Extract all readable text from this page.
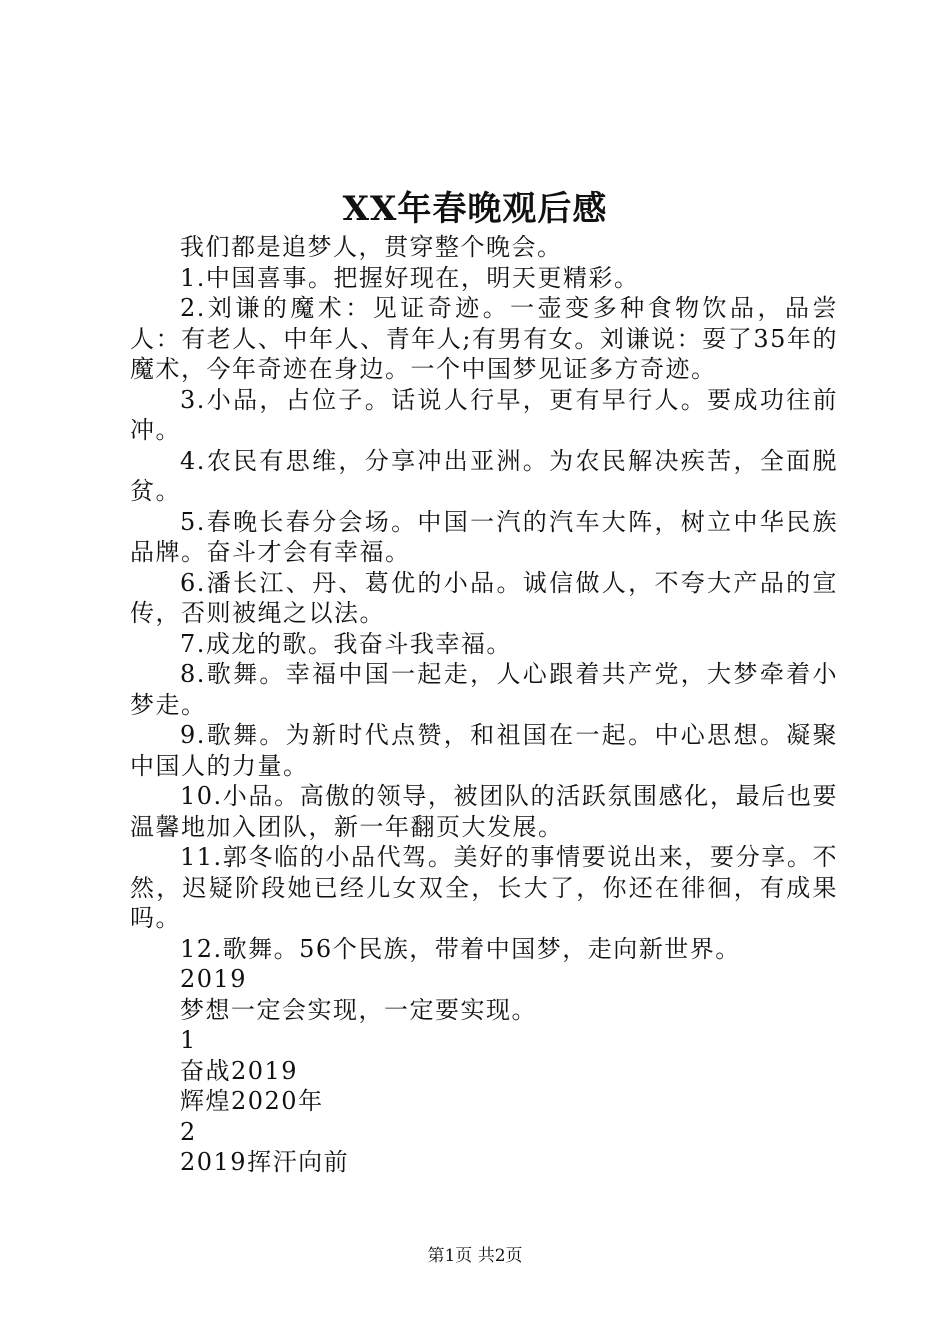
XX年春晚观后感

我们都是追梦人，贯穿整个晚会。

1.中国喜事。把握好现在，明天更精彩。

2.刘谦的魔术：见证奇迹。一壶变多种食物饮品，品尝人：有老人、中年人、青年人;有男有女。刘谦说：耍了35年的魔术，今年奇迹在身边。一个中国梦见证多方奇迹。

3.小品，占位子。话说人行早，更有早行人。要成功往前冲。

4.农民有思维，分享冲出亚洲。为农民解决疾苦，全面脱贫。

5.春晚长春分会场。中国一汽的汽车大阵，树立中华民族品牌。奋斗才会有幸福。

6.潘长江、丹、葛优的小品。诚信做人，不夸大产品的宣传，否则被绳之以法。

7.成龙的歌。我奋斗我幸福。

8.歌舞。幸福中国一起走，人心跟着共产党，大梦牵着小梦走。

9.歌舞。为新时代点赞，和祖国在一起。中心思想。凝聚中国人的力量。

10.小品。高傲的领导，被团队的活跃氛围感化，最后也要温馨地加入团队，新一年翻页大发展。

11.郭冬临的小品代驾。美好的事情要说出来，要分享。不然，迟疑阶段她已经儿女双全，长大了，你还在徘徊，有成果吗。

12.歌舞。56个民族，带着中国梦，走向新世界。

2019

梦想一定会实现，一定要实现。

1

奋战2019

辉煌2020年

2

2019挥汗向前

第1页 共2页
